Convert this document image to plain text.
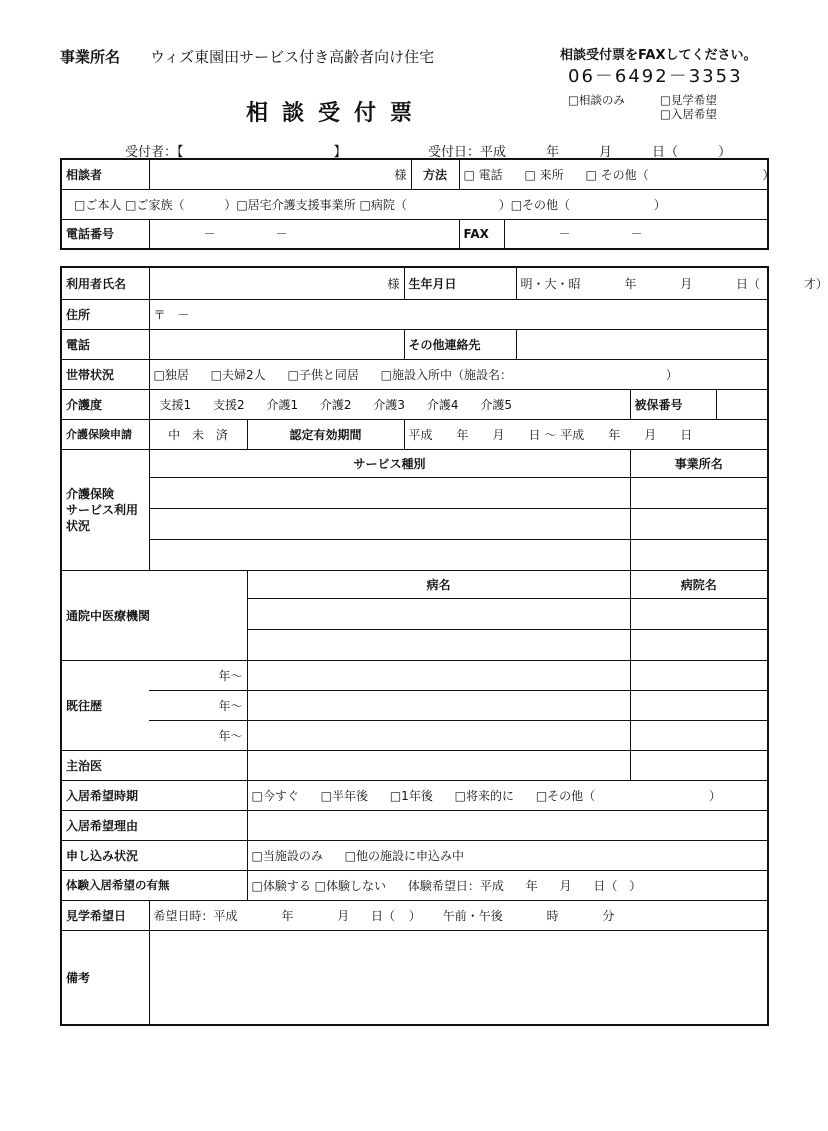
事業所名 ウィズ東園田サービス付き高齢者向け住宅	相談受付票をFAXしてください。
06－6492－3353
相談受付票
□相談のみ	□見学希望
□入居希望
受付者：【	】	受付日：平成	年	月	日（	）
相談者	様	方法	□ 電話 □ 来所 □ その他（	）
□ご本人 □ご家族（	）□居宅介護支援事業所 □病院（	）□その他（	）
電話番号	－	－		FAX	－	－
利用者氏名	様		生年月日	明・大・昭 年 月 日（ 才）		
住所	〒　－					
電話			その他連絡先			
世帯状況	□独居 □夫婦2人 □子供と同居 □施設入所中（施設名： ）					
介護度	支援1 支援2 介護1 介護2 介護3 介護4 介護5				被保番号	
介護保険申請	中 未 済	認定有効期間	平成　　年　　月　　日 ～ 平成　　年　　月　　日			

介護保険
サービス利用
状況	サービス種別				事業所名	

通院中医療機関		病名			病院名	

既往歴	年～					
	年～					
	年～					
主治医						
入居希望時期		□今すぐ □半年後 □1年後 □将来的に □その他（ ）				
入居希望理由						
申し込み状況		□当施設のみ □他の施設に申込み中				
体験入居希望の有無		□体験する □体験しない 体験希望日：平成 年 月 日（ ）				
見学希望日	希望日時：平成 年 月 日（ ） 午前・午後 時 分					
備考						
